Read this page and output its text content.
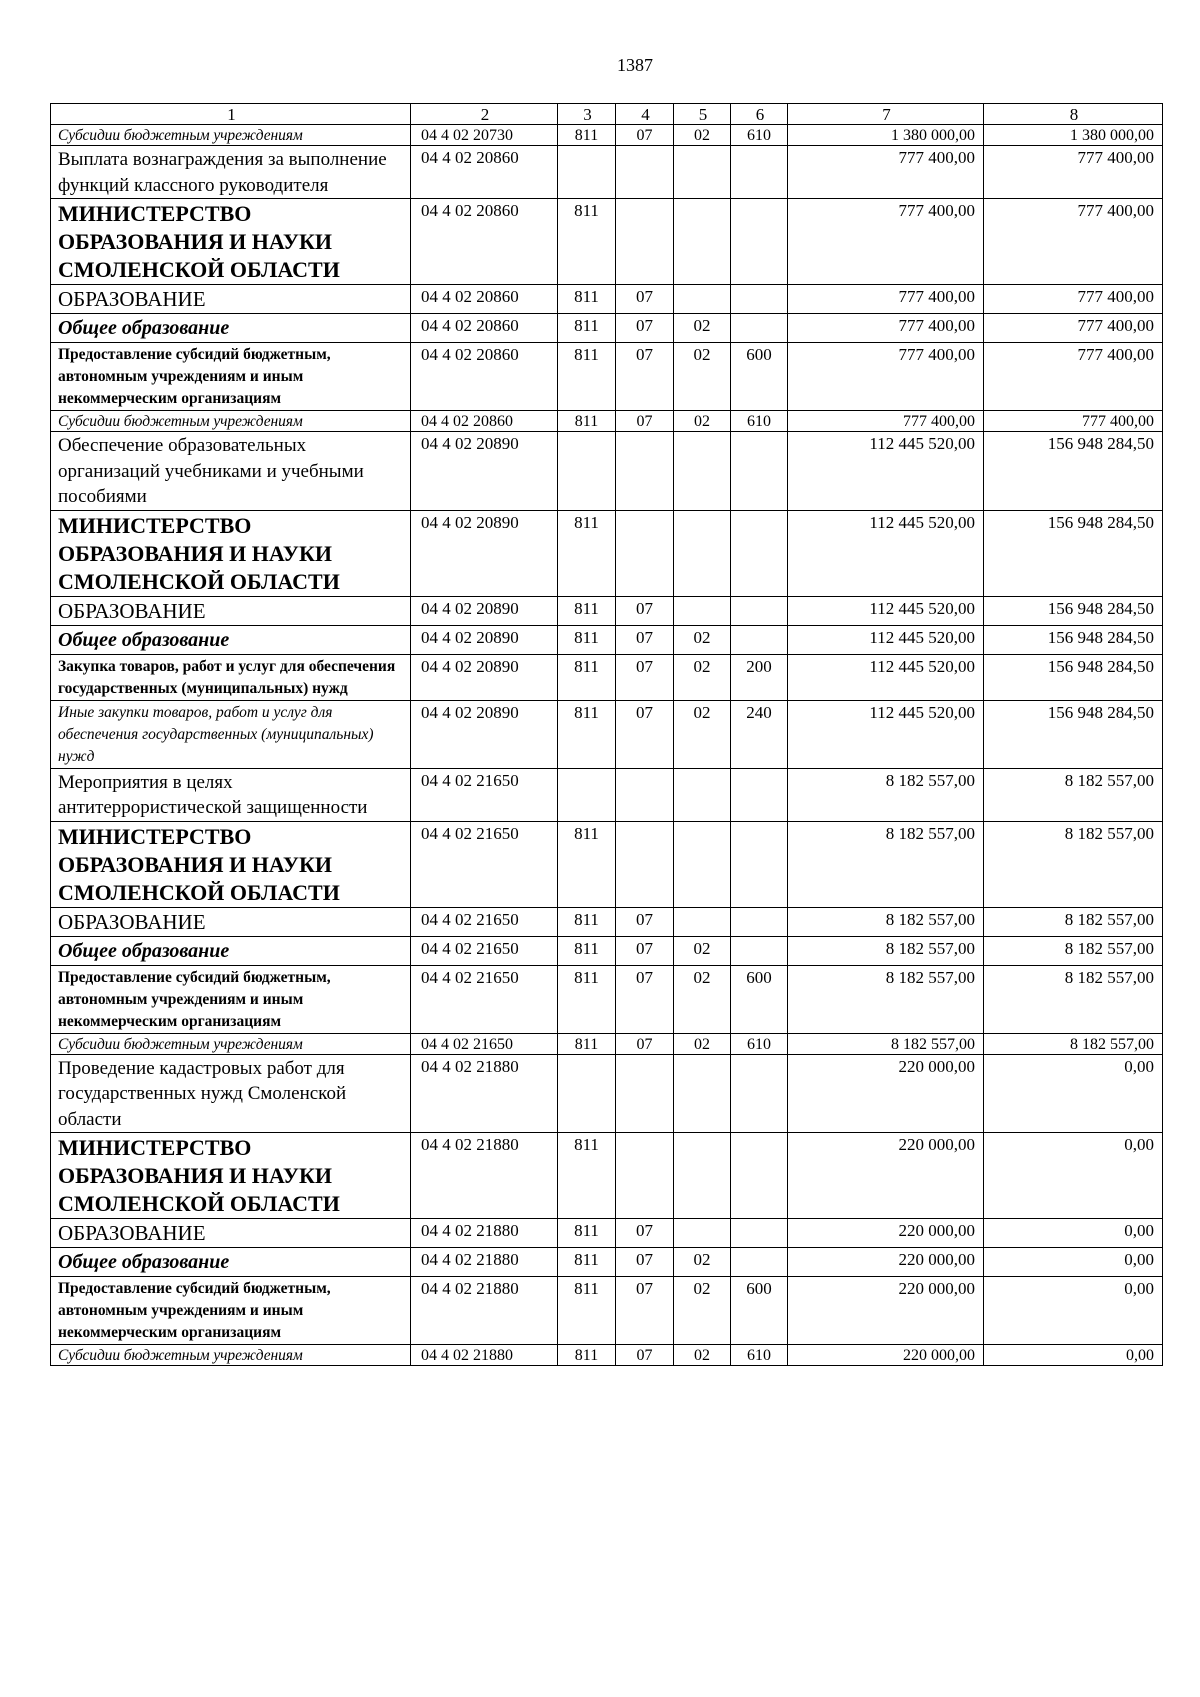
1387
1	2	3	4	5	6	7	8
Субсидии бюджетным учреждениям	04 4 02 20730	811	07	02	610	1 380 000,00	1 380 000,00
Выплата вознаграждения за выполнение функций классного руководителя	04 4 02 20860					777 400,00	777 400,00
МИНИСТЕРСТВО ОБРАЗОВАНИЯ И НАУКИ СМОЛЕНСКОЙ ОБЛАСТИ	04 4 02 20860	811				777 400,00	777 400,00
ОБРАЗОВАНИЕ	04 4 02 20860	811	07			777 400,00	777 400,00
Общее образование	04 4 02 20860	811	07	02		777 400,00	777 400,00
Предоставление субсидий бюджетным, автономным учреждениям и иным некоммерческим организациям	04 4 02 20860	811	07	02	600	777 400,00	777 400,00
Субсидии бюджетным учреждениям	04 4 02 20860	811	07	02	610	777 400,00	777 400,00
Обеспечение образовательных организаций учебниками и учебными пособиями	04 4 02 20890					112 445 520,00	156 948 284,50
МИНИСТЕРСТВО ОБРАЗОВАНИЯ И НАУКИ СМОЛЕНСКОЙ ОБЛАСТИ	04 4 02 20890	811				112 445 520,00	156 948 284,50
ОБРАЗОВАНИЕ	04 4 02 20890	811	07			112 445 520,00	156 948 284,50
Общее образование	04 4 02 20890	811	07	02		112 445 520,00	156 948 284,50
Закупка товаров, работ и услуг для обеспечения государственных (муниципальных) нужд	04 4 02 20890	811	07	02	200	112 445 520,00	156 948 284,50
Иные закупки товаров, работ и услуг для обеспечения государственных (муниципальных) нужд	04 4 02 20890	811	07	02	240	112 445 520,00	156 948 284,50
Мероприятия в целях антитеррористической защищенности	04 4 02 21650					8 182 557,00	8 182 557,00
МИНИСТЕРСТВО ОБРАЗОВАНИЯ И НАУКИ СМОЛЕНСКОЙ ОБЛАСТИ	04 4 02 21650	811				8 182 557,00	8 182 557,00
ОБРАЗОВАНИЕ	04 4 02 21650	811	07			8 182 557,00	8 182 557,00
Общее образование	04 4 02 21650	811	07	02		8 182 557,00	8 182 557,00
Предоставление субсидий бюджетным, автономным учреждениям и иным некоммерческим организациям	04 4 02 21650	811	07	02	600	8 182 557,00	8 182 557,00
Субсидии бюджетным учреждениям	04 4 02 21650	811	07	02	610	8 182 557,00	8 182 557,00
Проведение кадастровых работ для государственных нужд Смоленской области	04 4 02 21880					220 000,00	0,00
МИНИСТЕРСТВО ОБРАЗОВАНИЯ И НАУКИ СМОЛЕНСКОЙ ОБЛАСТИ	04 4 02 21880	811				220 000,00	0,00
ОБРАЗОВАНИЕ	04 4 02 21880	811	07			220 000,00	0,00
Общее образование	04 4 02 21880	811	07	02		220 000,00	0,00
Предоставление субсидий бюджетным, автономным учреждениям и иным некоммерческим организациям	04 4 02 21880	811	07	02	600	220 000,00	0,00
Субсидии бюджетным учреждениям	04 4 02 21880	811	07	02	610	220 000,00	0,00
